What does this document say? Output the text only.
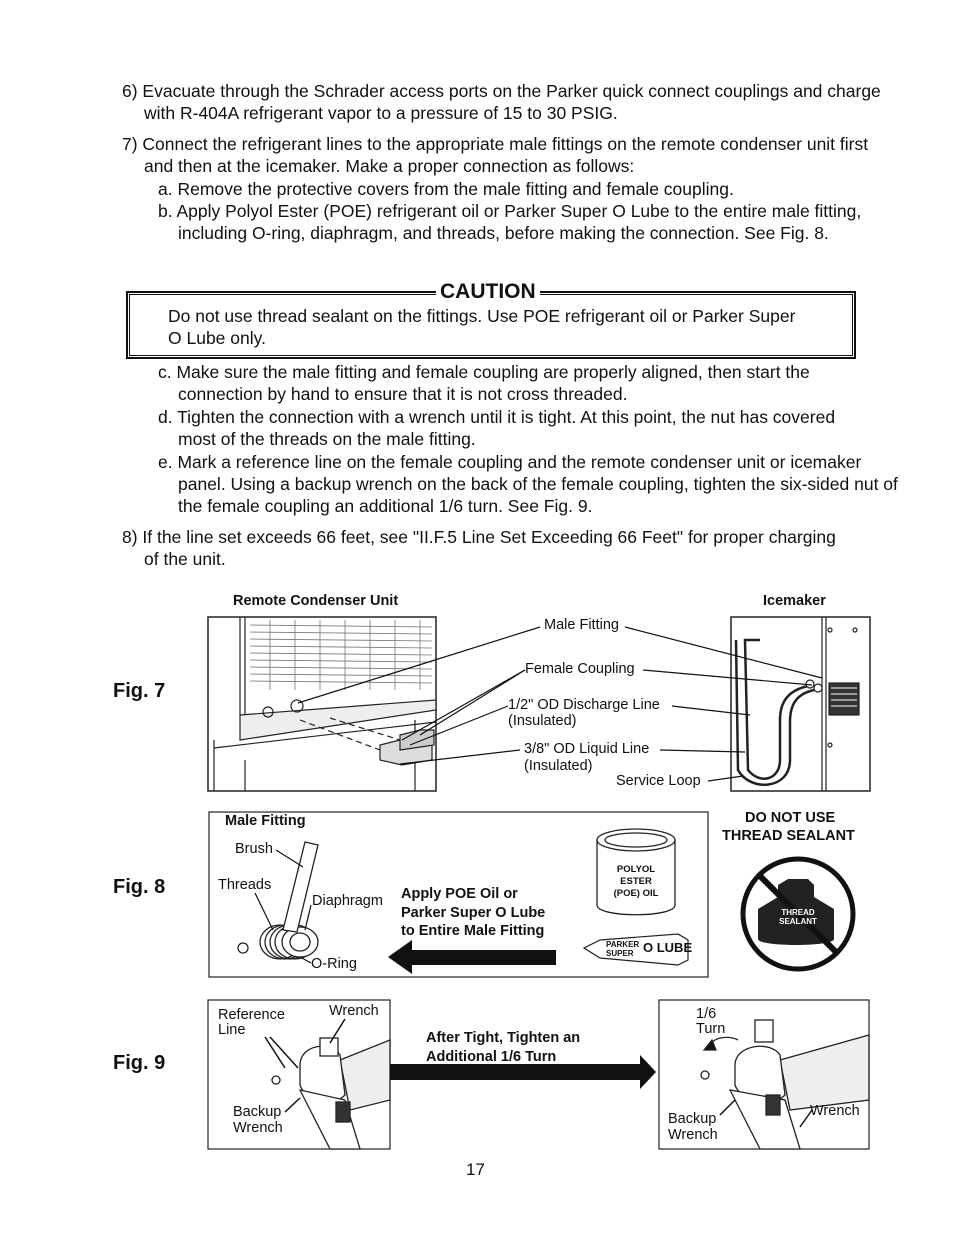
6) Evacuate through the Schrader access ports on the Parker quick connect couplings and charge with R-404A refrigerant vapor to a pressure of 15 to 30 PSIG.

7) Connect the refrigerant lines to the appropriate male fittings on the remote condenser unit first and then at the icemaker. Make a proper connection as follows:

a. Remove the protective covers from the male fitting and female coupling.

b. Apply Polyol Ester (POE) refrigerant oil or Parker Super O Lube to the entire male fitting, including O-ring, diaphragm, and threads, before making the connection. See Fig. 8.

CAUTION
Do not use thread sealant on the fittings. Use POE refrigerant oil or Parker Super O Lube only.

c. Make sure the male fitting and female coupling are properly aligned, then start the connection by hand to ensure that it is not cross threaded.

d. Tighten the connection with a wrench until it is tight. At this point, the nut has covered most of the threads on the male fitting.

e. Mark a reference line on the female coupling and the remote condenser unit or icemaker panel. Using a backup wrench on the back of the female coupling, tighten the six-sided nut of the female coupling an additional 1/6 turn. See Fig. 9.

8) If the line set exceeds 66 feet, see "II.F.5 Line Set Exceeding 66 Feet" for proper charging of the unit.

Fig. 7
Remote Condenser Unit	Icemaker
Male Fitting
Female Coupling
1/2" OD Discharge Line
(Insulated)
3/8" OD Liquid Line
(Insulated)
Service Loop
Fig. 8
Male Fitting
Brush
Threads
Diaphragm
O-Ring
Apply POE Oil or
Parker Super O Lube
to Entire Male Fitting
POLYOL
ESTER
(POE) OIL
PARKER
SUPER O LUBE
DO NOT USE
THREAD SEALANT
THREAD
SEALANT
Fig. 9
Reference
Line
Wrench
Backup
Wrench
After Tight, Tighten an
Additional 1/6 Turn
1/6
Turn
Backup
Wrench
Wrench
17
